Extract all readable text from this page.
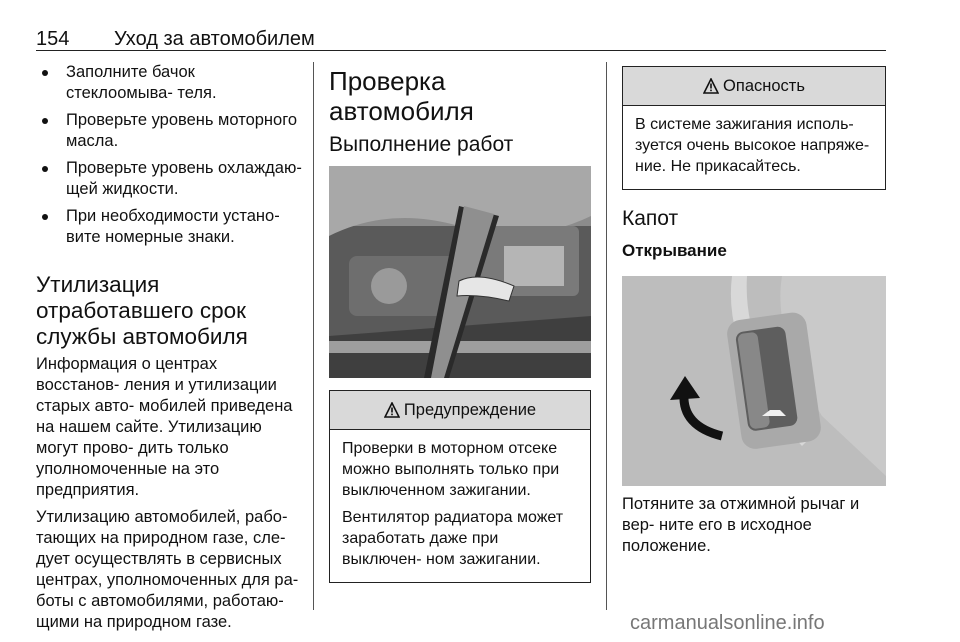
154 Уход за автомобилем
Заполните бачок стеклоомыва- теля.
Проверьте уровень моторного масла.
Проверьте уровень охлаждаю- щей жидкости.
При необходимости устано- вите номерные знаки.
Утилизация отработавшего срок службы автомобиля

Информация о центрах восстанов- ления и утилизации старых авто- мобилей приведена на нашем сайте. Утилизацию могут прово- дить только уполномоченные на это предприятия.

Утилизацию автомобилей, рабо- тающих на природном газе, сле- дует осуществлять в сервисных центрах, уполномоченных для ра- боты с автомобилями, работаю- щими на природном газе.

Проверка автомобиля
Выполнение работ
Предупреждение

Проверки в моторном отсеке можно выполнять только при выключенном зажигании.

Вентилятор радиатора может заработать даже при выключен- ном зажигании.

Опасность

В системе зажигания исполь- зуется очень высокое напряже- ние. Не прикасайтесь.

Капот
Открывание

Потяните за отжимной рычаг и вер- ните его в исходное положение.

carmanualsonline.info
